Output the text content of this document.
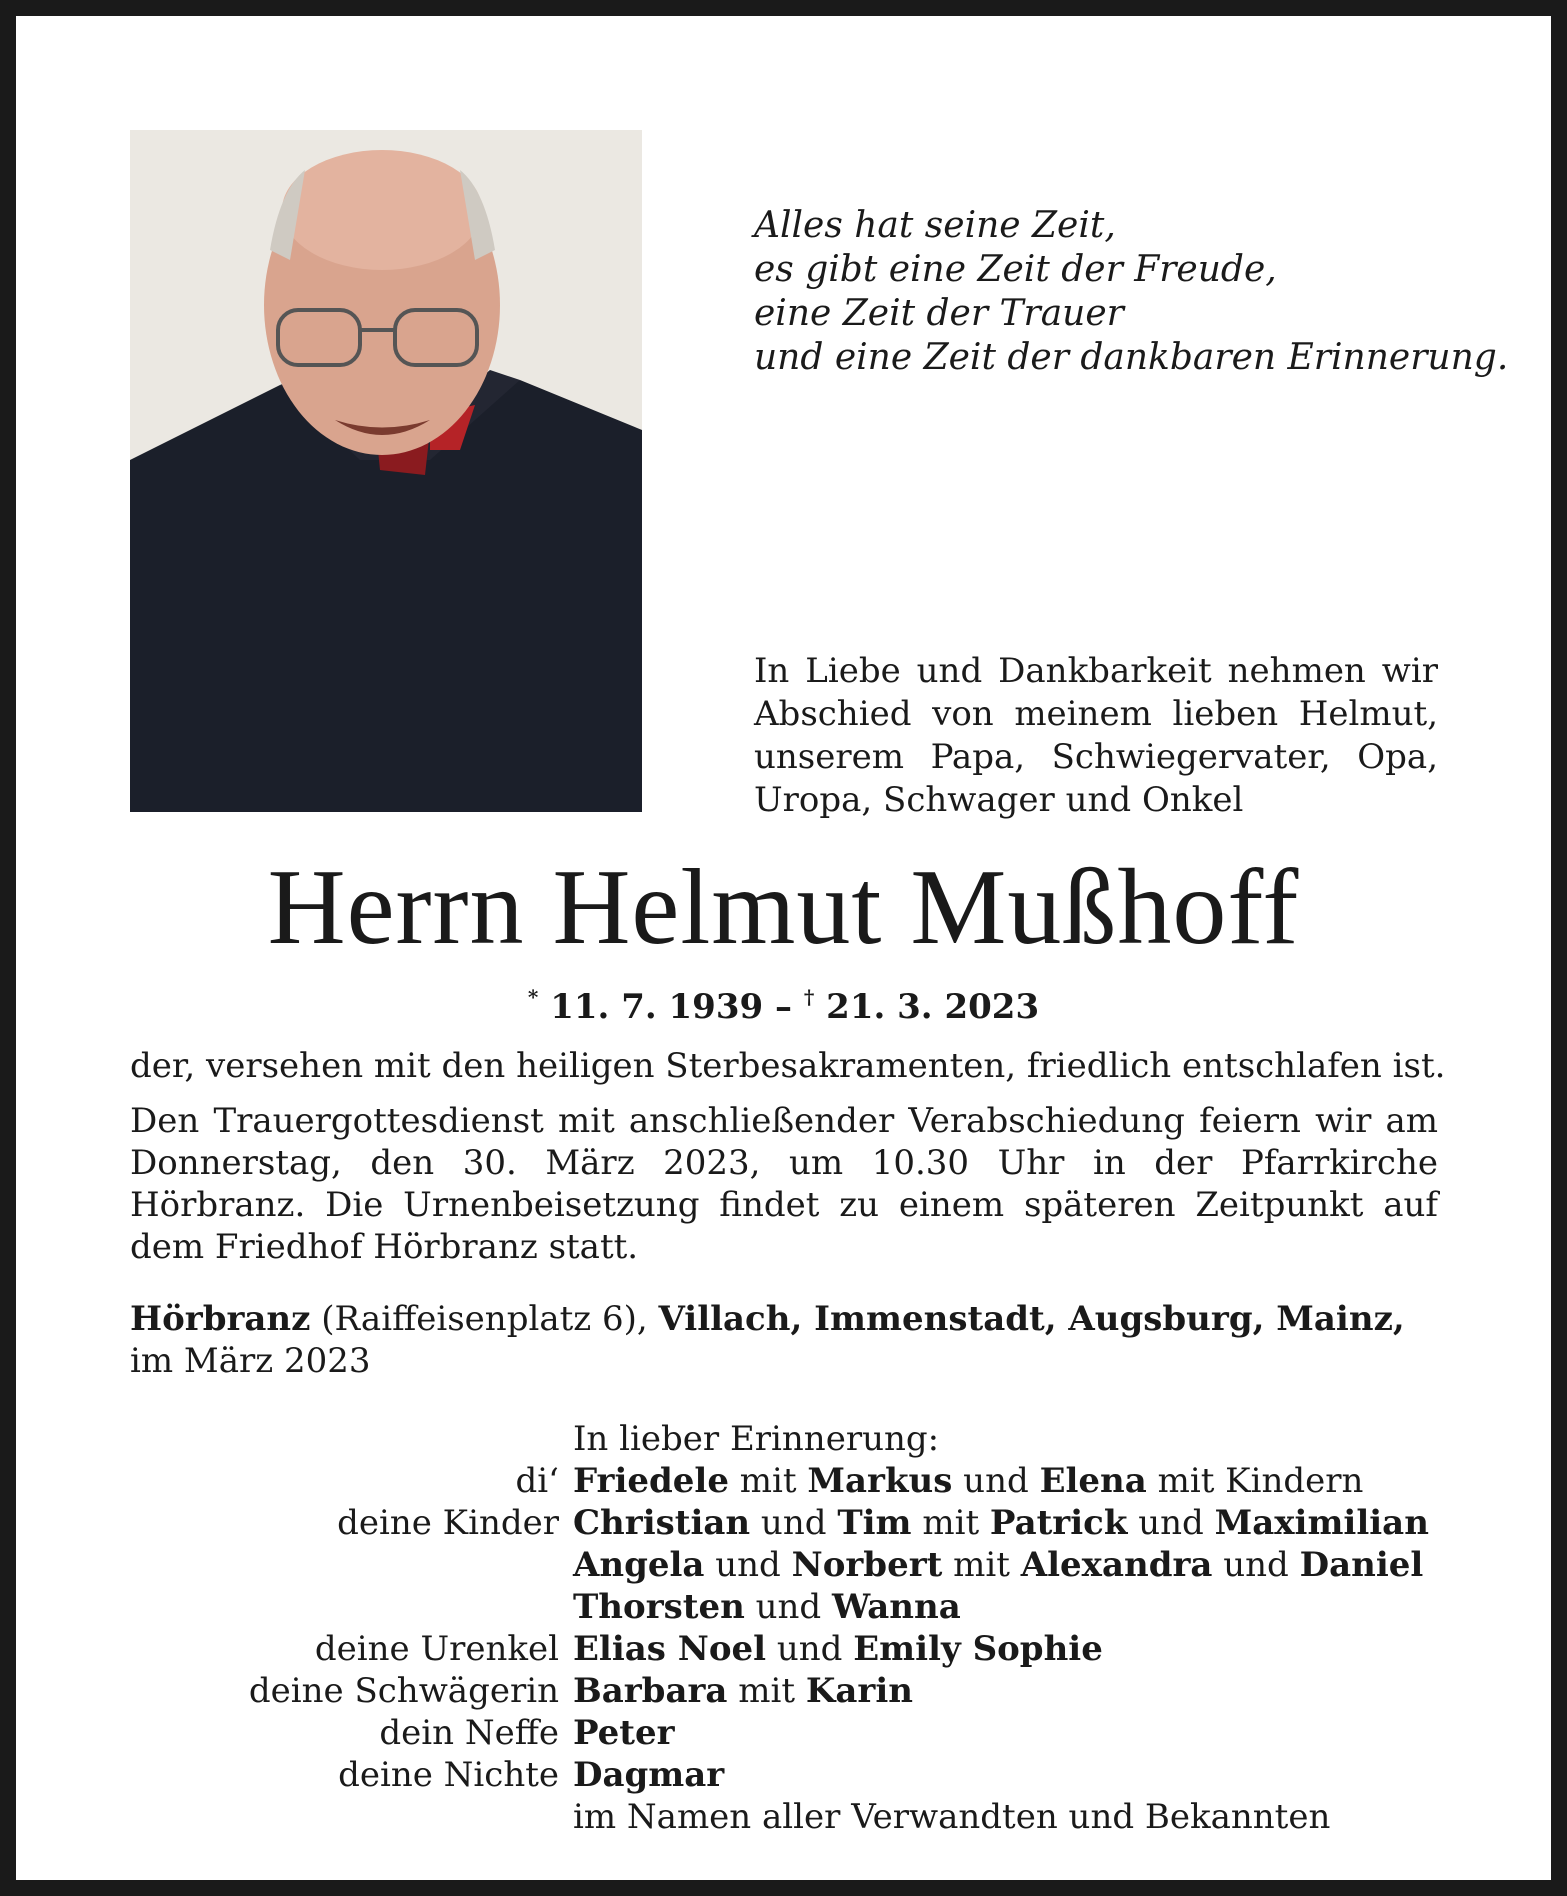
Alles hat seine Zeit,
es gibt eine Zeit der Freude,
eine Zeit der Trauer
und eine Zeit der dankbaren Erinnerung.
In Liebe und Dankbarkeit nehmen wir Abschied von meinem lieben Helmut, unserem Papa, Schwiegervater, Opa, Uropa, Schwager und Onkel
Herrn Helmut Mußhoff
* 11. 7. 1939 – † 21. 3. 2023
der, versehen mit den heiligen Sterbesakramenten, friedlich entschlafen ist.
Den Trauergottesdienst mit anschließender Verabschiedung feiern wir am Donnerstag, den 30. März 2023, um 10.30 Uhr in der Pfarrkirche Hörbranz. Die Urnenbeisetzung findet zu einem späteren Zeitpunkt auf dem Friedhof Hörbranz statt.
Hörbranz (Raiffeisenplatz 6), Villach, Immenstadt, Augsburg, Mainz,
im März 2023
In lieber Erinnerung:
di‘ Friedele mit Markus und Elena mit Kindern
deine Kinder Christian und Tim mit Patrick und Maximilian
Angela und Norbert mit Alexandra und Daniel
Thorsten und Wanna
deine Urenkel Elias Noel und Emily Sophie
deine Schwägerin Barbara mit Karin
dein Neffe Peter
deine Nichte Dagmar
im Namen aller Verwandten und Bekannten
